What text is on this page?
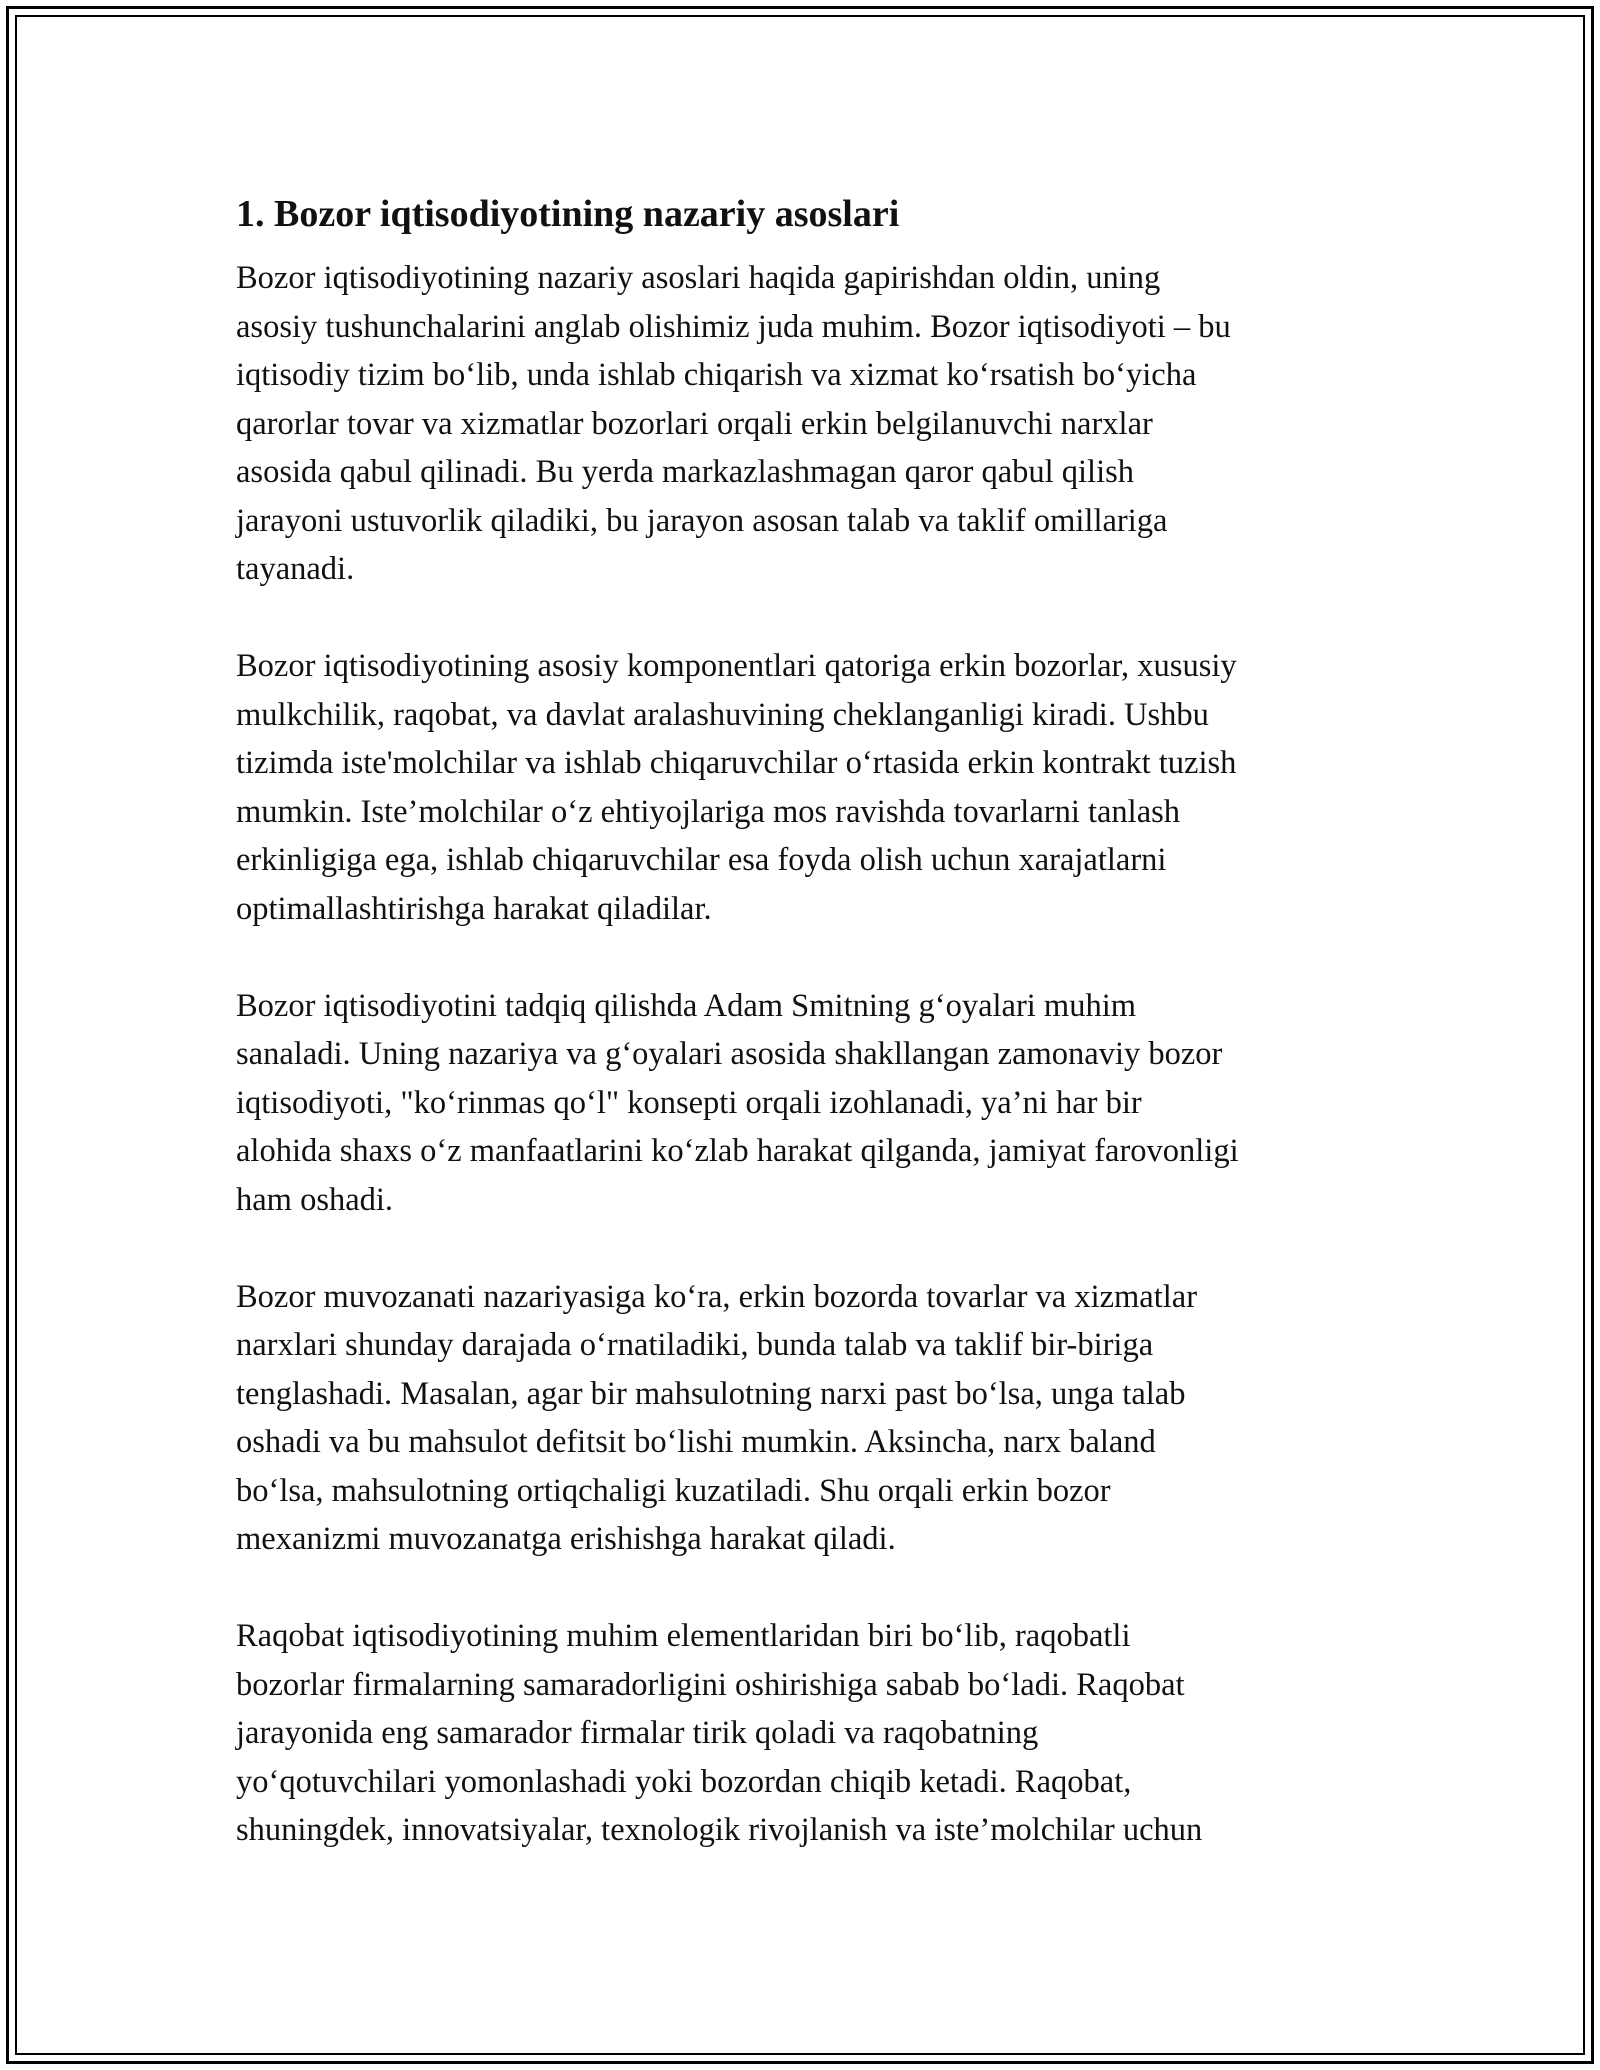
1. Bozor iqtisodiyotining nazariy asoslari
Bozor iqtisodiyotining nazariy asoslari haqida gapirishdan oldin, uning
asosiy tushunchalarini anglab olishimiz juda muhim. Bozor iqtisodiyoti – bu
iqtisodiy tizim bo‘lib, unda ishlab chiqarish va xizmat ko‘rsatish bo‘yicha
qarorlar tovar va xizmatlar bozorlari orqali erkin belgilanuvchi narxlar
asosida qabul qilinadi. Bu yerda markazlashmagan qaror qabul qilish
jarayoni ustuvorlik qiladiki, bu jarayon asosan talab va taklif omillariga
tayanadi.
Bozor iqtisodiyotining asosiy komponentlari qatoriga erkin bozorlar, xususiy
mulkchilik, raqobat, va davlat aralashuvining cheklanganligi kiradi. Ushbu
tizimda iste'molchilar va ishlab chiqaruvchilar o‘rtasida erkin kontrakt tuzish
mumkin. Iste’molchilar o‘z ehtiyojlariga mos ravishda tovarlarni tanlash
erkinligiga ega, ishlab chiqaruvchilar esa foyda olish uchun xarajatlarni
optimallashtirishga harakat qiladilar.
Bozor iqtisodiyotini tadqiq qilishda Adam Smitning g‘oyalari muhim
sanaladi. Uning nazariya va g‘oyalari asosida shakllangan zamonaviy bozor
iqtisodiyoti, "ko‘rinmas qo‘l" konsepti orqali izohlanadi, ya’ni har bir
alohida shaxs o‘z manfaatlarini ko‘zlab harakat qilganda, jamiyat farovonligi
ham oshadi.
Bozor muvozanati nazariyasiga ko‘ra, erkin bozorda tovarlar va xizmatlar
narxlari shunday darajada o‘rnatiladiki, bunda talab va taklif bir-biriga
tenglashadi. Masalan, agar bir mahsulotning narxi past bo‘lsa, unga talab
oshadi va bu mahsulot defitsit bo‘lishi mumkin. Aksincha, narx baland
bo‘lsa, mahsulotning ortiqchaligi kuzatiladi. Shu orqali erkin bozor
mexanizmi muvozanatga erishishga harakat qiladi.
Raqobat iqtisodiyotining muhim elementlaridan biri bo‘lib, raqobatli
bozorlar firmalarning samaradorligini oshirishiga sabab bo‘ladi. Raqobat
jarayonida eng samarador firmalar tirik qoladi va raqobatning
yo‘qotuvchilari yomonlashadi yoki bozordan chiqib ketadi. Raqobat,
shuningdek, innovatsiyalar, texnologik rivojlanish va iste’molchilar uchun
